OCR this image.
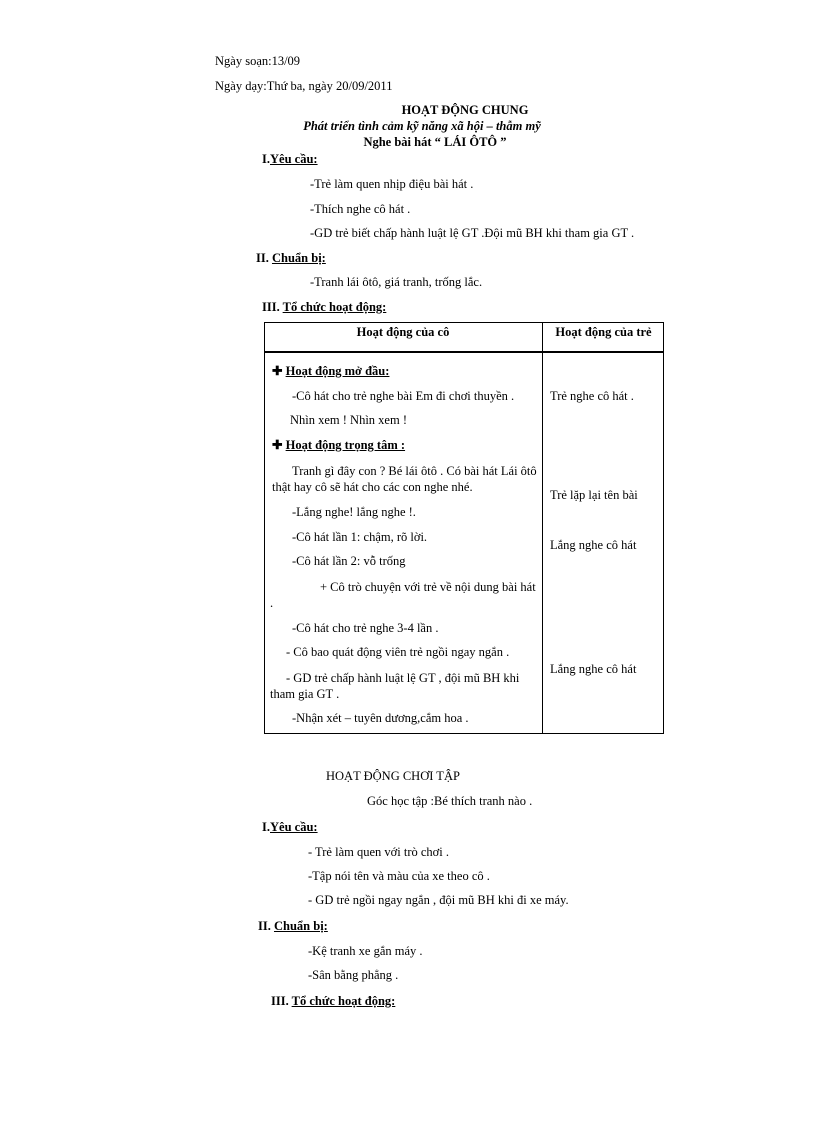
Ngày soạn:13/09
Ngày dạy:Thứ ba, ngày 20/09/2011
HOẠT ĐỘNG CHUNG
Phát triển tình cảm kỹ năng xã hội – thẫm mỹ
Nghe bài hát “ LÁI ÔTÔ ”
I.Yêu cầu:
-Trẻ làm quen nhịp điệu bài hát .
-Thích nghe cô hát .
-GD trẻ biết chấp hành luật lệ GT .Đội mũ BH khi tham gia GT .
II. Chuẩn bị:
-Tranh lái ôtô, giá tranh, trống lắc.
III. Tổ chức hoạt động:
Hoạt động của cô	Hoạt động của trẻ
✚ Hoạt động mở đầu:
-Cô hát cho trẻ nghe bài Em đi chơi thuyền .
Nhìn xem ! Nhìn xem !
✚ Hoạt động trọng tâm :
Tranh gì đây con ? Bé lái ôtô . Có bài hát Lái ôtô thật hay cô sẽ hát cho các con nghe nhé.
-Lắng nghe! lắng nghe !.
-Cô hát lần 1: chậm, rõ lời.
-Cô hát lần 2: vỗ trống
+ Cô trò chuyện với trẻ về nội dung bài hát .
-Cô hát cho trẻ nghe 3-4 lần .
- Cô bao quát động viên trẻ ngồi ngay ngắn .
- GD trẻ chấp hành luật lệ GT , đội mũ BH khi tham gia GT .
-Nhận xét – tuyên dương,cắm hoa .
Trẻ nghe cô hát .
Trẻ lặp lại tên bài
Lắng nghe cô hát
Lắng nghe cô hát
HOẠT ĐỘNG CHƠI TẬP
Góc học tập :Bé thích tranh nào .
I.Yêu cầu:
- Trẻ làm quen với trò chơi .
-Tập nói tên và màu của xe theo cô .
- GD trẻ ngồi ngay ngắn , đội mũ BH khi đi xe máy.
II. Chuẩn bị:
-Kệ tranh xe gắn máy .
-Sân bằng phẳng .
III. Tổ chức hoạt động:
